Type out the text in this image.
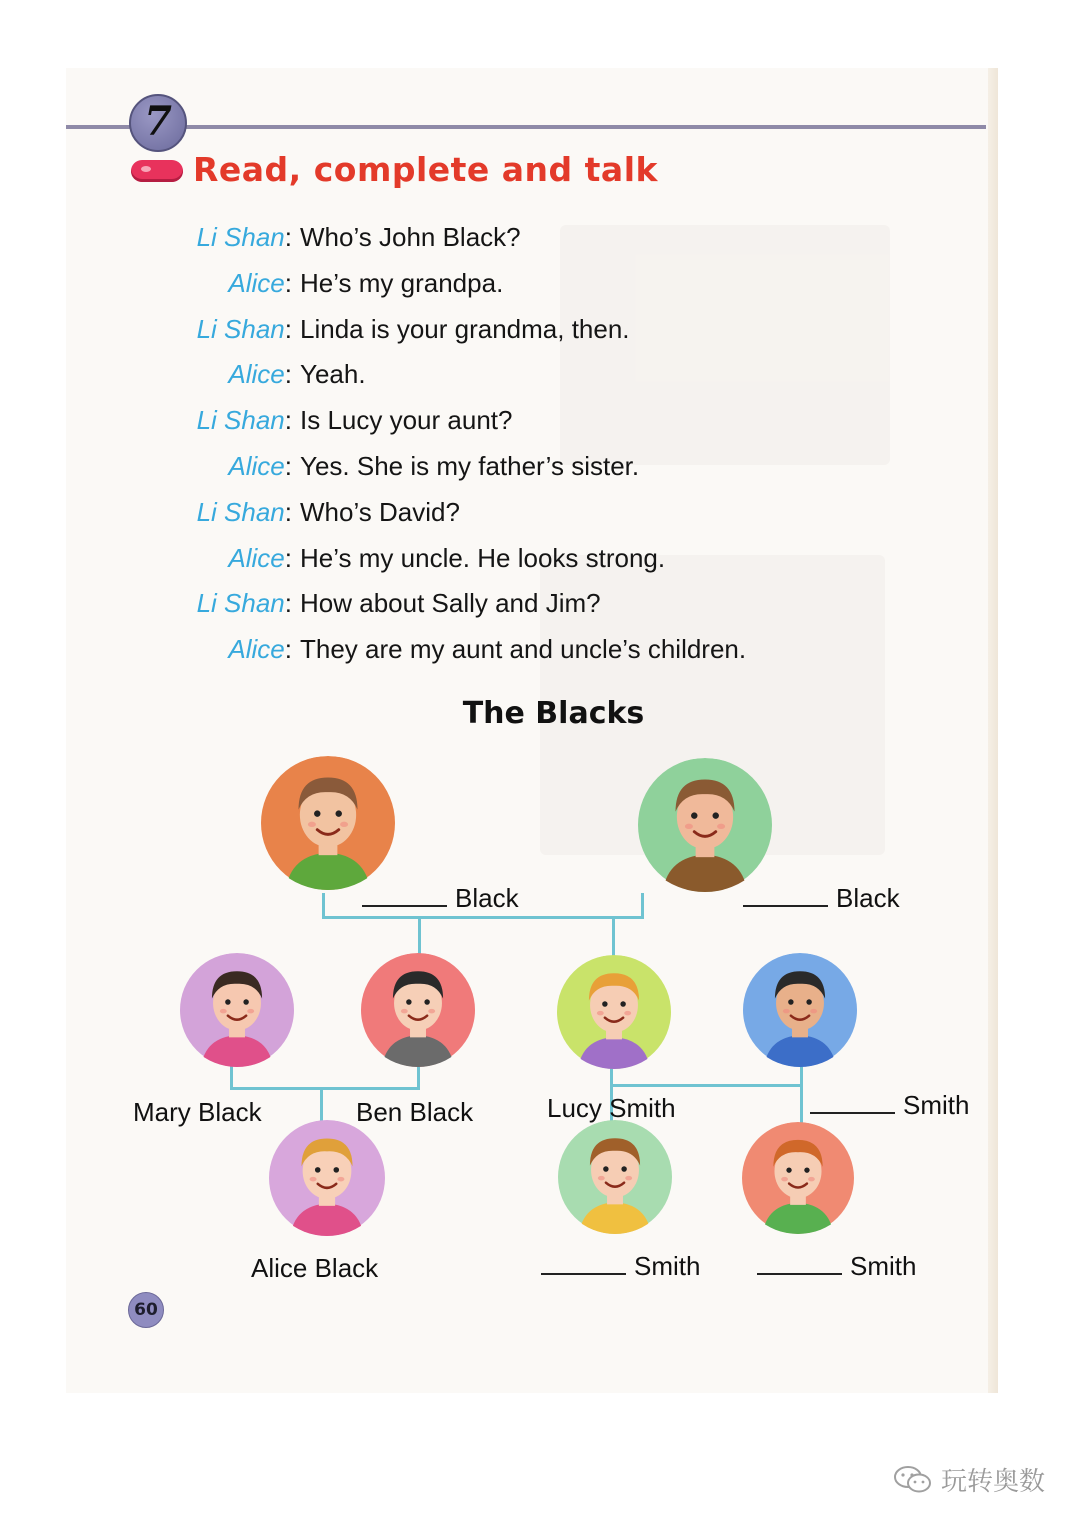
7
Read, complete and talk
Li Shan: Who’s John Black?
Alice: He’s my grandpa.
Li Shan: Linda is your grandma, then.
Alice: Yeah.
Li Shan: Is Lucy your aunt?
Alice: Yes. She is my father’s sister.
Li Shan: Who’s David?
Alice: He’s my uncle. He looks strong.
Li Shan: How about Sally and Jim?
Alice: They are my aunt and uncle’s children.
The Blacks
Black	Black
Mary Black	Ben Black	Lucy Smith	Smith
Alice Black	Smith	Smith
60
玩转奥数
